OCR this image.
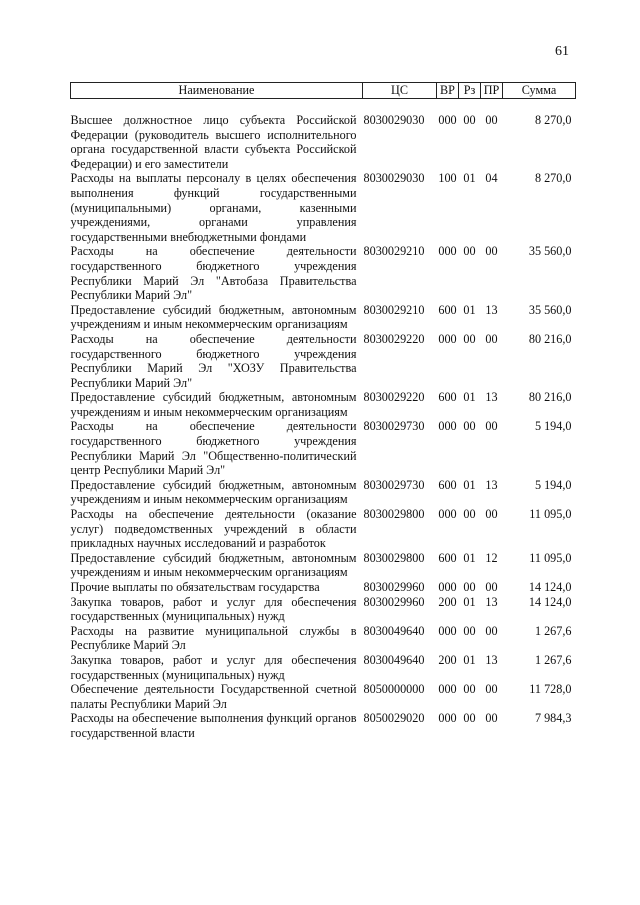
61
Наименование	ЦС	ВР	Рз	ПР	Сумма

Высшее должностное лицо субъекта Российской Федерации (руководитель высшего исполнительного органа государственной власти субъекта Российской Федерации) и его заместители	8030029030	000	00	00	8 270,0
Расходы на выплаты персоналу в целях обеспечения выполнения функций государственными (муниципальными) органами, казенными учреждениями, органами управления государственными внебюджетными фондами	8030029030	100	01	04	8 270,0
Расходы на обеспечение деятельности государственного бюджетного учреждения Республики Марий Эл "Автобаза Правительства Республики Марий Эл"	8030029210	000	00	00	35 560,0
Предоставление субсидий бюджетным, автономным учреждениям и иным некоммерческим организациям	8030029210	600	01	13	35 560,0
Расходы на обеспечение деятельности государственного бюджетного учреждения Республики Марий Эл "ХОЗУ Правительства Республики Марий Эл"	8030029220	000	00	00	80 216,0
Предоставление субсидий бюджетным, автономным учреждениям и иным некоммерческим организациям	8030029220	600	01	13	80 216,0
Расходы на обеспечение деятельности государственного бюджетного учреждения Республики Марий Эл "Общественно-политический центр Республики Марий Эл"	8030029730	000	00	00	5 194,0
Предоставление субсидий бюджетным, автономным учреждениям и иным некоммерческим организациям	8030029730	600	01	13	5 194,0
Расходы на обеспечение деятельности (оказание услуг) подведомственных учреждений в области прикладных научных исследований и разработок	8030029800	000	00	00	11 095,0
Предоставление субсидий бюджетным, автономным учреждениям и иным некоммерческим организациям	8030029800	600	01	12	11 095,0
Прочие выплаты по обязательствам государства	8030029960	000	00	00	14 124,0
Закупка товаров, работ и услуг для обеспечения государственных (муниципальных) нужд	8030029960	200	01	13	14 124,0
Расходы на развитие муниципальной службы в Республике Марий Эл	8030049640	000	00	00	1 267,6
Закупка товаров, работ и услуг для обеспечения государственных (муниципальных) нужд	8030049640	200	01	13	1 267,6
Обеспечение деятельности Государственной счетной палаты Республики Марий Эл	8050000000	000	00	00	11 728,0
Расходы на обеспечение выполнения функций органов государственной власти	8050029020	000	00	00	7 984,3
